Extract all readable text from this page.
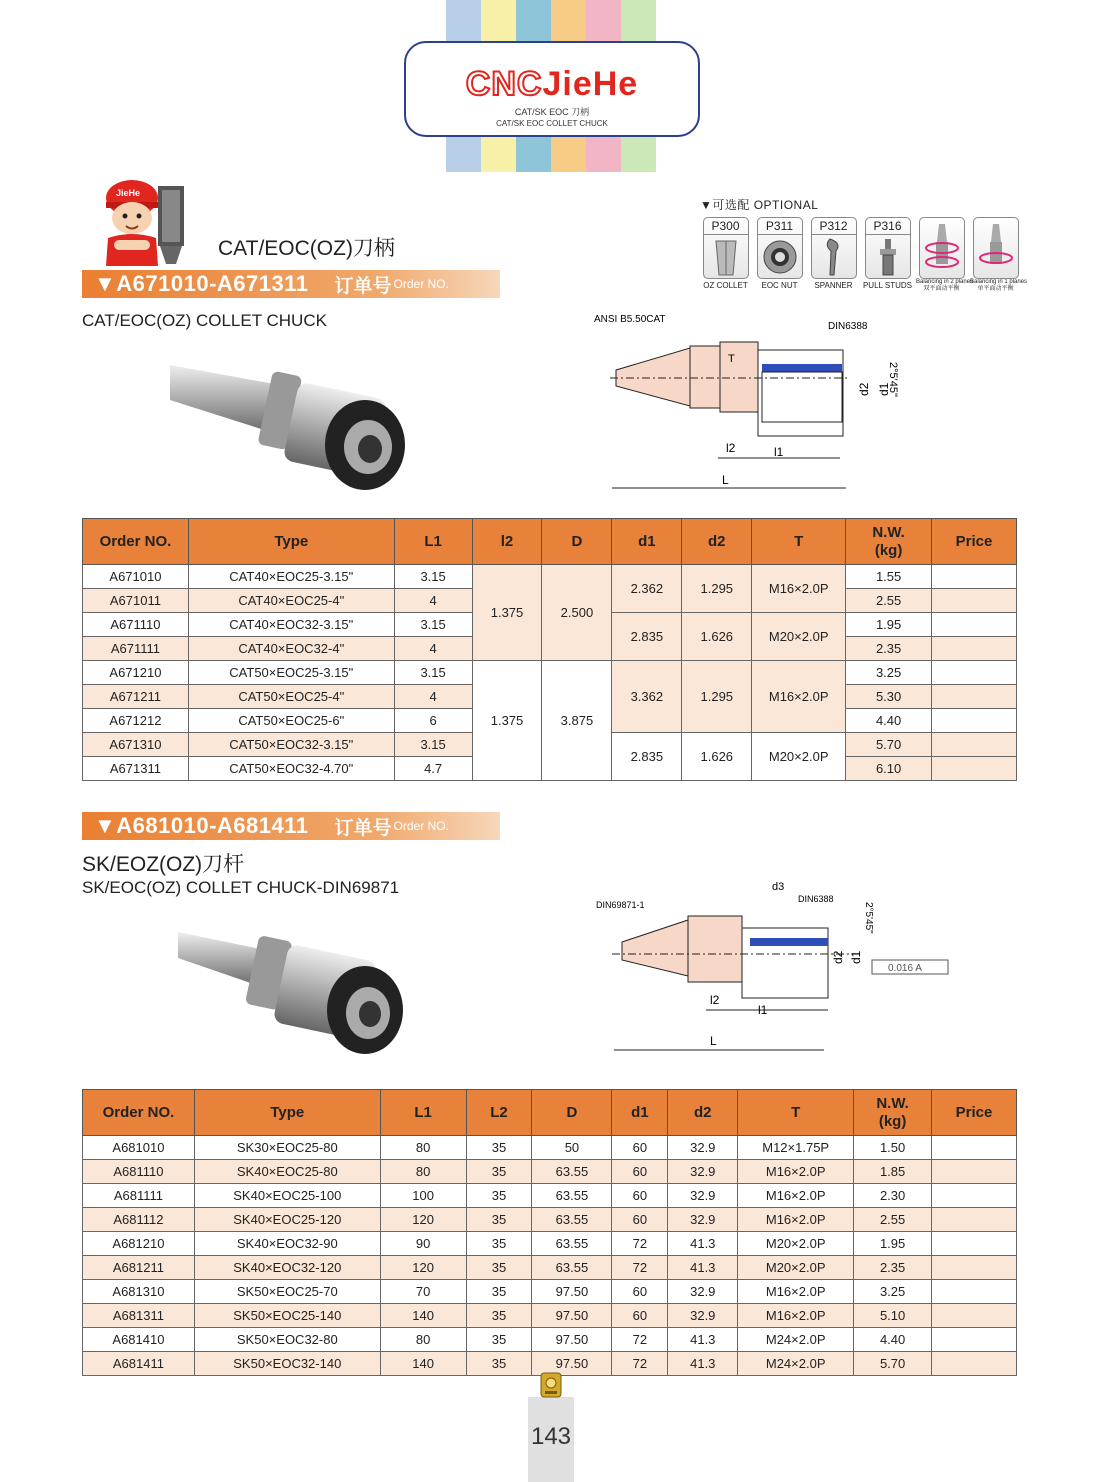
CNCJieHe
CAT/SK EOC 刀柄
CAT/SK EOC COLLET CHUCK
JieHe
CAT/EOC(OZ)刀柄
▼A671010-A671311 订单号 Order NO.
CAT/EOC(OZ) COLLET CHUCK
▼可选配 OPTIONAL
P300
OZ COLLET
P311
EOC NUT
P312
SPANNER
P316
PULL STUDS Balancing in 2 planes
双平面动平衡
Balancing in 1 planes
单平面动平衡
ANSI B5.50CAT
DIN6388
T
d2 d1
2°5'45"
l2	l1
L
Order NO.	Type	L1	l2	D	d1	d2	T	N.W.
(kg)	Price
A671010	CAT40×EOC25-3.15"	3.15	1.375	2.500	2.362	1.295	M16×2.0P	1.55	
A671011	CAT40×EOC25-4"	4						2.55	
A671110	CAT40×EOC32-3.15"	3.15			2.835	1.626	M20×2.0P	1.95	
A671111	CAT40×EOC32-4"	4						2.35	
A671210	CAT50×EOC25-3.15"	3.15	1.375	3.875	3.362	1.295	M16×2.0P	3.25	
A671211	CAT50×EOC25-4"	4						5.30	
A671212	CAT50×EOC25-6"	6						4.40	
A671310	CAT50×EOC32-3.15"	3.15			2.835	1.626	M20×2.0P	5.70	
A671311	CAT50×EOC32-4.70"	4.7						6.10	
▼A681010-A681411 订单号 Order NO.
SK/EOZ(OZ)刀杆
SK/EOC(OZ) COLLET CHUCK-DIN69871
DIN69871-1
d3
DIN6388
d2 d1
2°5'45"
0.016 A
l2
l1
L
Order NO.	Type	L1	L2	D	d1	d2	T	N.W.
(kg)	Price
A681010	SK30×EOC25-80	80	35	50	60	32.9	M12×1.75P	1.50	
A681110	SK40×EOC25-80	80	35	63.55	60	32.9	M16×2.0P	1.85	
A681111	SK40×EOC25-100	100	35	63.55	60	32.9	M16×2.0P	2.30	
A681112	SK40×EOC25-120	120	35	63.55	60	32.9	M16×2.0P	2.55	
A681210	SK40×EOC32-90	90	35	63.55	72	41.3	M20×2.0P	1.95	
A681211	SK40×EOC32-120	120	35	63.55	72	41.3	M20×2.0P	2.35	
A681310	SK50×EOC25-70	70	35	97.50	60	32.9	M16×2.0P	3.25	
A681311	SK50×EOC25-140	140	35	97.50	60	32.9	M16×2.0P	5.10	
A681410	SK50×EOC32-80	80	35	97.50	72	41.3	M24×2.0P	4.40	
A681411	SK50×EOC32-140	140	35	97.50	72	41.3	M24×2.0P	5.70	
143
